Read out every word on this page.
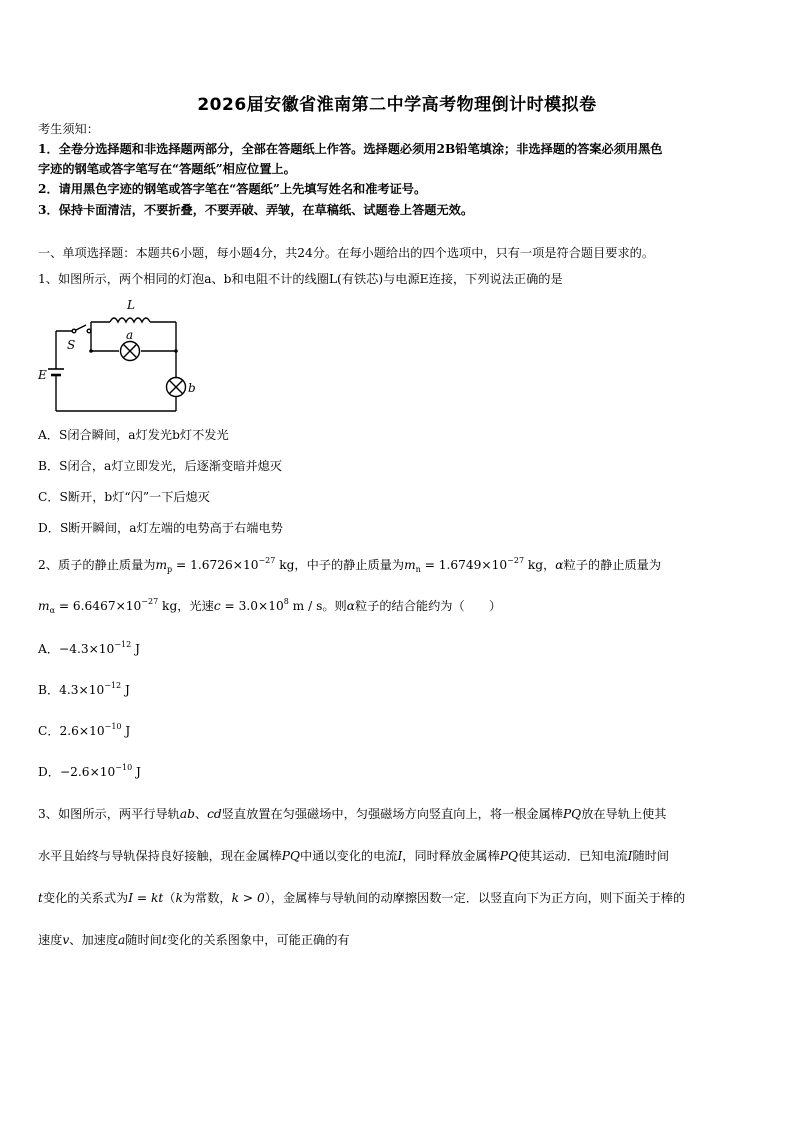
2026届安徽省淮南第二中学高考物理倒计时模拟卷
考生须知：
1．全卷分选择题和非选择题两部分，全部在答题纸上作答。选择题必须用2B铅笔填涂；非选择题的答案必须用黑色
字迹的钢笔或答字笔写在“答题纸”相应位置上。
2．请用黑色字迹的钢笔或答字笔在“答题纸”上先填写姓名和准考证号。
3．保持卡面清洁，不要折叠，不要弄破、弄皱，在草稿纸、试题卷上答题无效。
一、单项选择题：本题共6小题，每小题4分，共24分。在每小题给出的四个选项中，只有一项是符合题目要求的。
1、如图所示，两个相同的灯泡a、b和电阻不计的线圈L(有铁芯)与电源E连接，下列说法正确的是
L
a
b
S
E
A．S闭合瞬间，a灯发光b灯不发光
B．S闭合，a灯立即发光，后逐渐变暗并熄灭
C．S断开，b灯“闪”一下后熄灭
D．S断开瞬间，a灯左端的电势高于右端电势
2、质子的静止质量为$m_p = 1.6726\times 10^{-27}$ kg，中子的静止质量为$m_n = 1.6749\times 10^{-27}$ kg，α粒子的静止质量为
$m_\alpha = 6.6467\times 10^{-27}$ kg，光速$c = 3.0\times 10^8$ m / s。则α粒子的结合能约为（　　）
A．$-4.3\times 10^{-12}$ J
B．$4.3\times 10^{-12}$ J
C．$2.6\times 10^{-10}$ J
D．$-2.6\times 10^{-10}$ J
3、如图所示，两平行导轨ab、cd竖直放置在匀强磁场中，匀强磁场方向竖直向上，将一根金属棒PQ放在导轨上使其
水平且始终与导轨保持良好接触，现在金属棒PQ中通以变化的电流I，同时释放金属棒PQ使其运动．已知电流I随时间
t变化的关系式为I = kt（k为常数，k > 0），金属棒与导轨间的动摩擦因数一定．以竖直向下为正方向，则下面关于棒的
速度v、加速度a随时间t变化的关系图象中，可能正确的有
